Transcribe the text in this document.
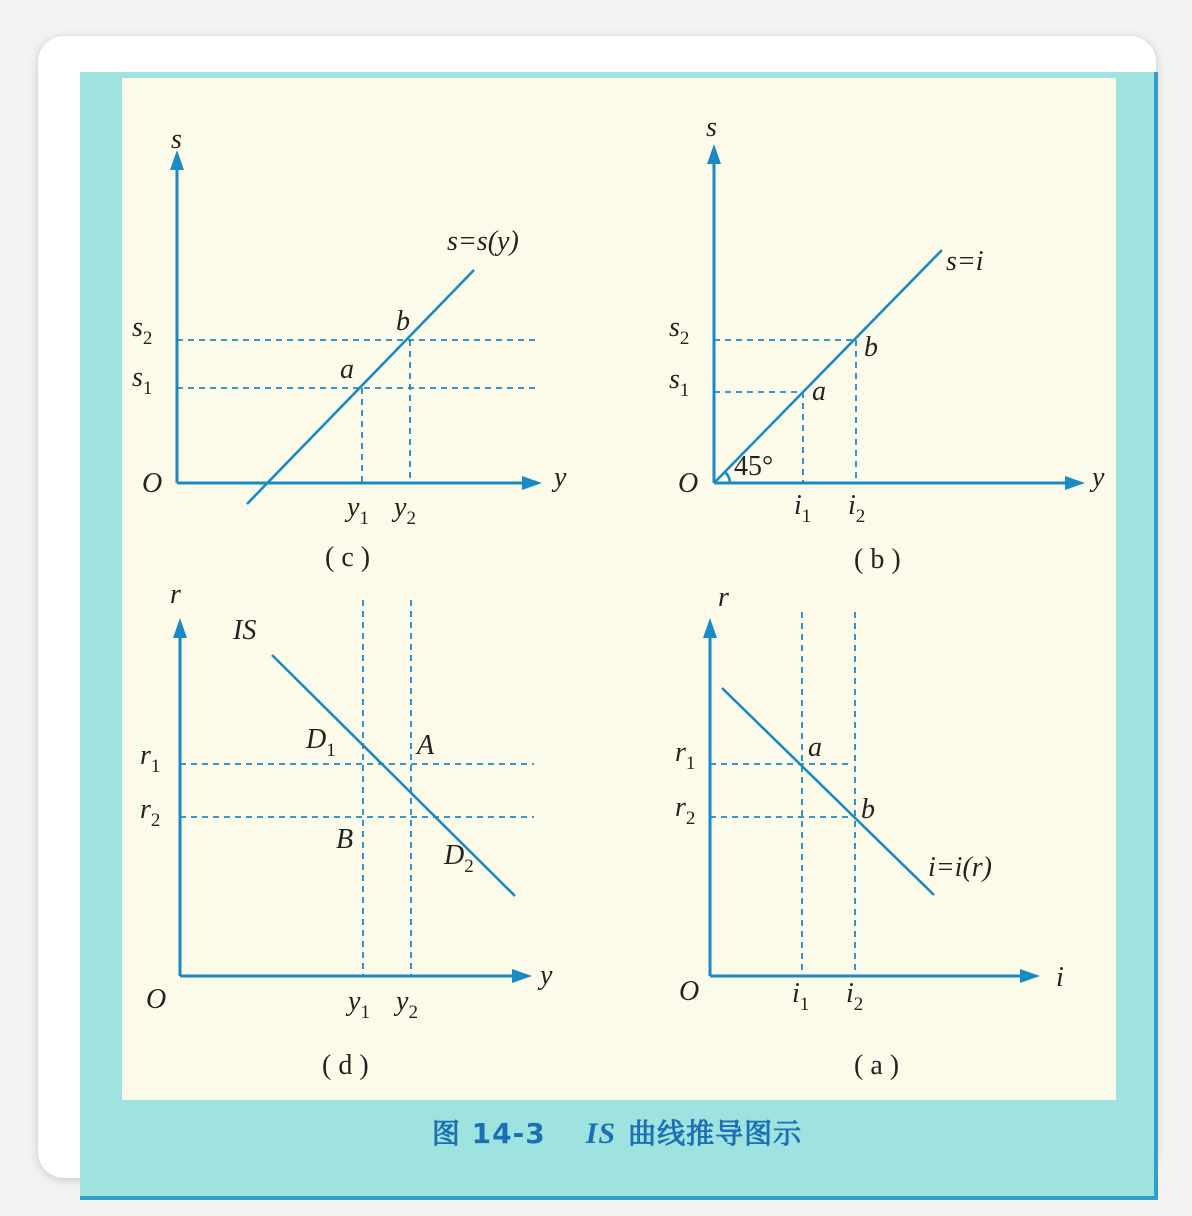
s
y
O
s=s(y)
$s_2$
$s_1$
$y_1$ $y_2$
a
b
( c )
s
y
O
s=i
45°
$s_2$
$s_1$
$i_1$ $i_2$
a
b
( b )
r
y
O
IS
$r_1$
$r_2$
$y_1$ $y_2$
$D_1$
$D_2$
A
B
( d )
r
i
O
i=i(r)
$r_1$
$r_2$
$i_1$ $i_2$
a
b
( a )
图 14-3 IS 曲线推导图示
